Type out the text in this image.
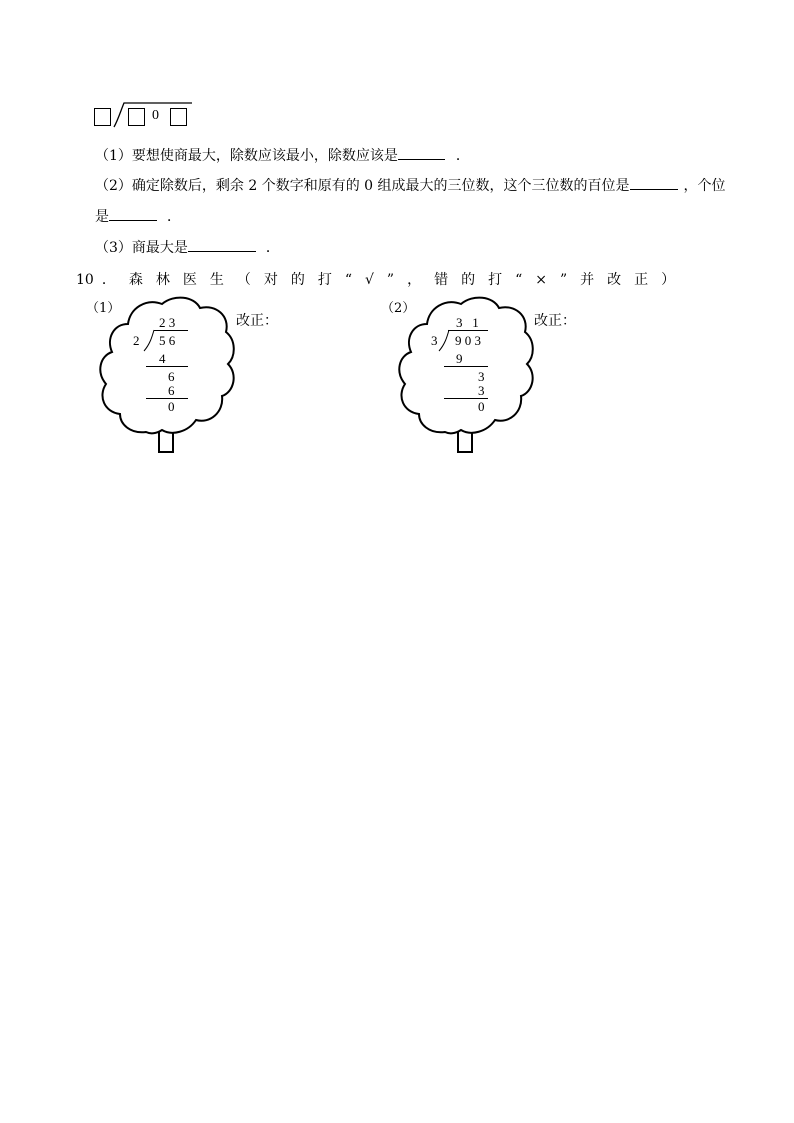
0
（1）要想使商最大，除数应该最小，除数应该是	．
（2）确定除数后，剩余 2 个数字和原有的 0 组成最大的三位数，这个三位数的百位是	，个位
是	．
（3）商最大是	．
10 ．森林医生（对的打“√”，错的打“×”并改正）
（1）
2 3
2 5 6
4
6
6
0
改正：
（2）
3   1
3 9 0 3
9
3
3
0
改正：
